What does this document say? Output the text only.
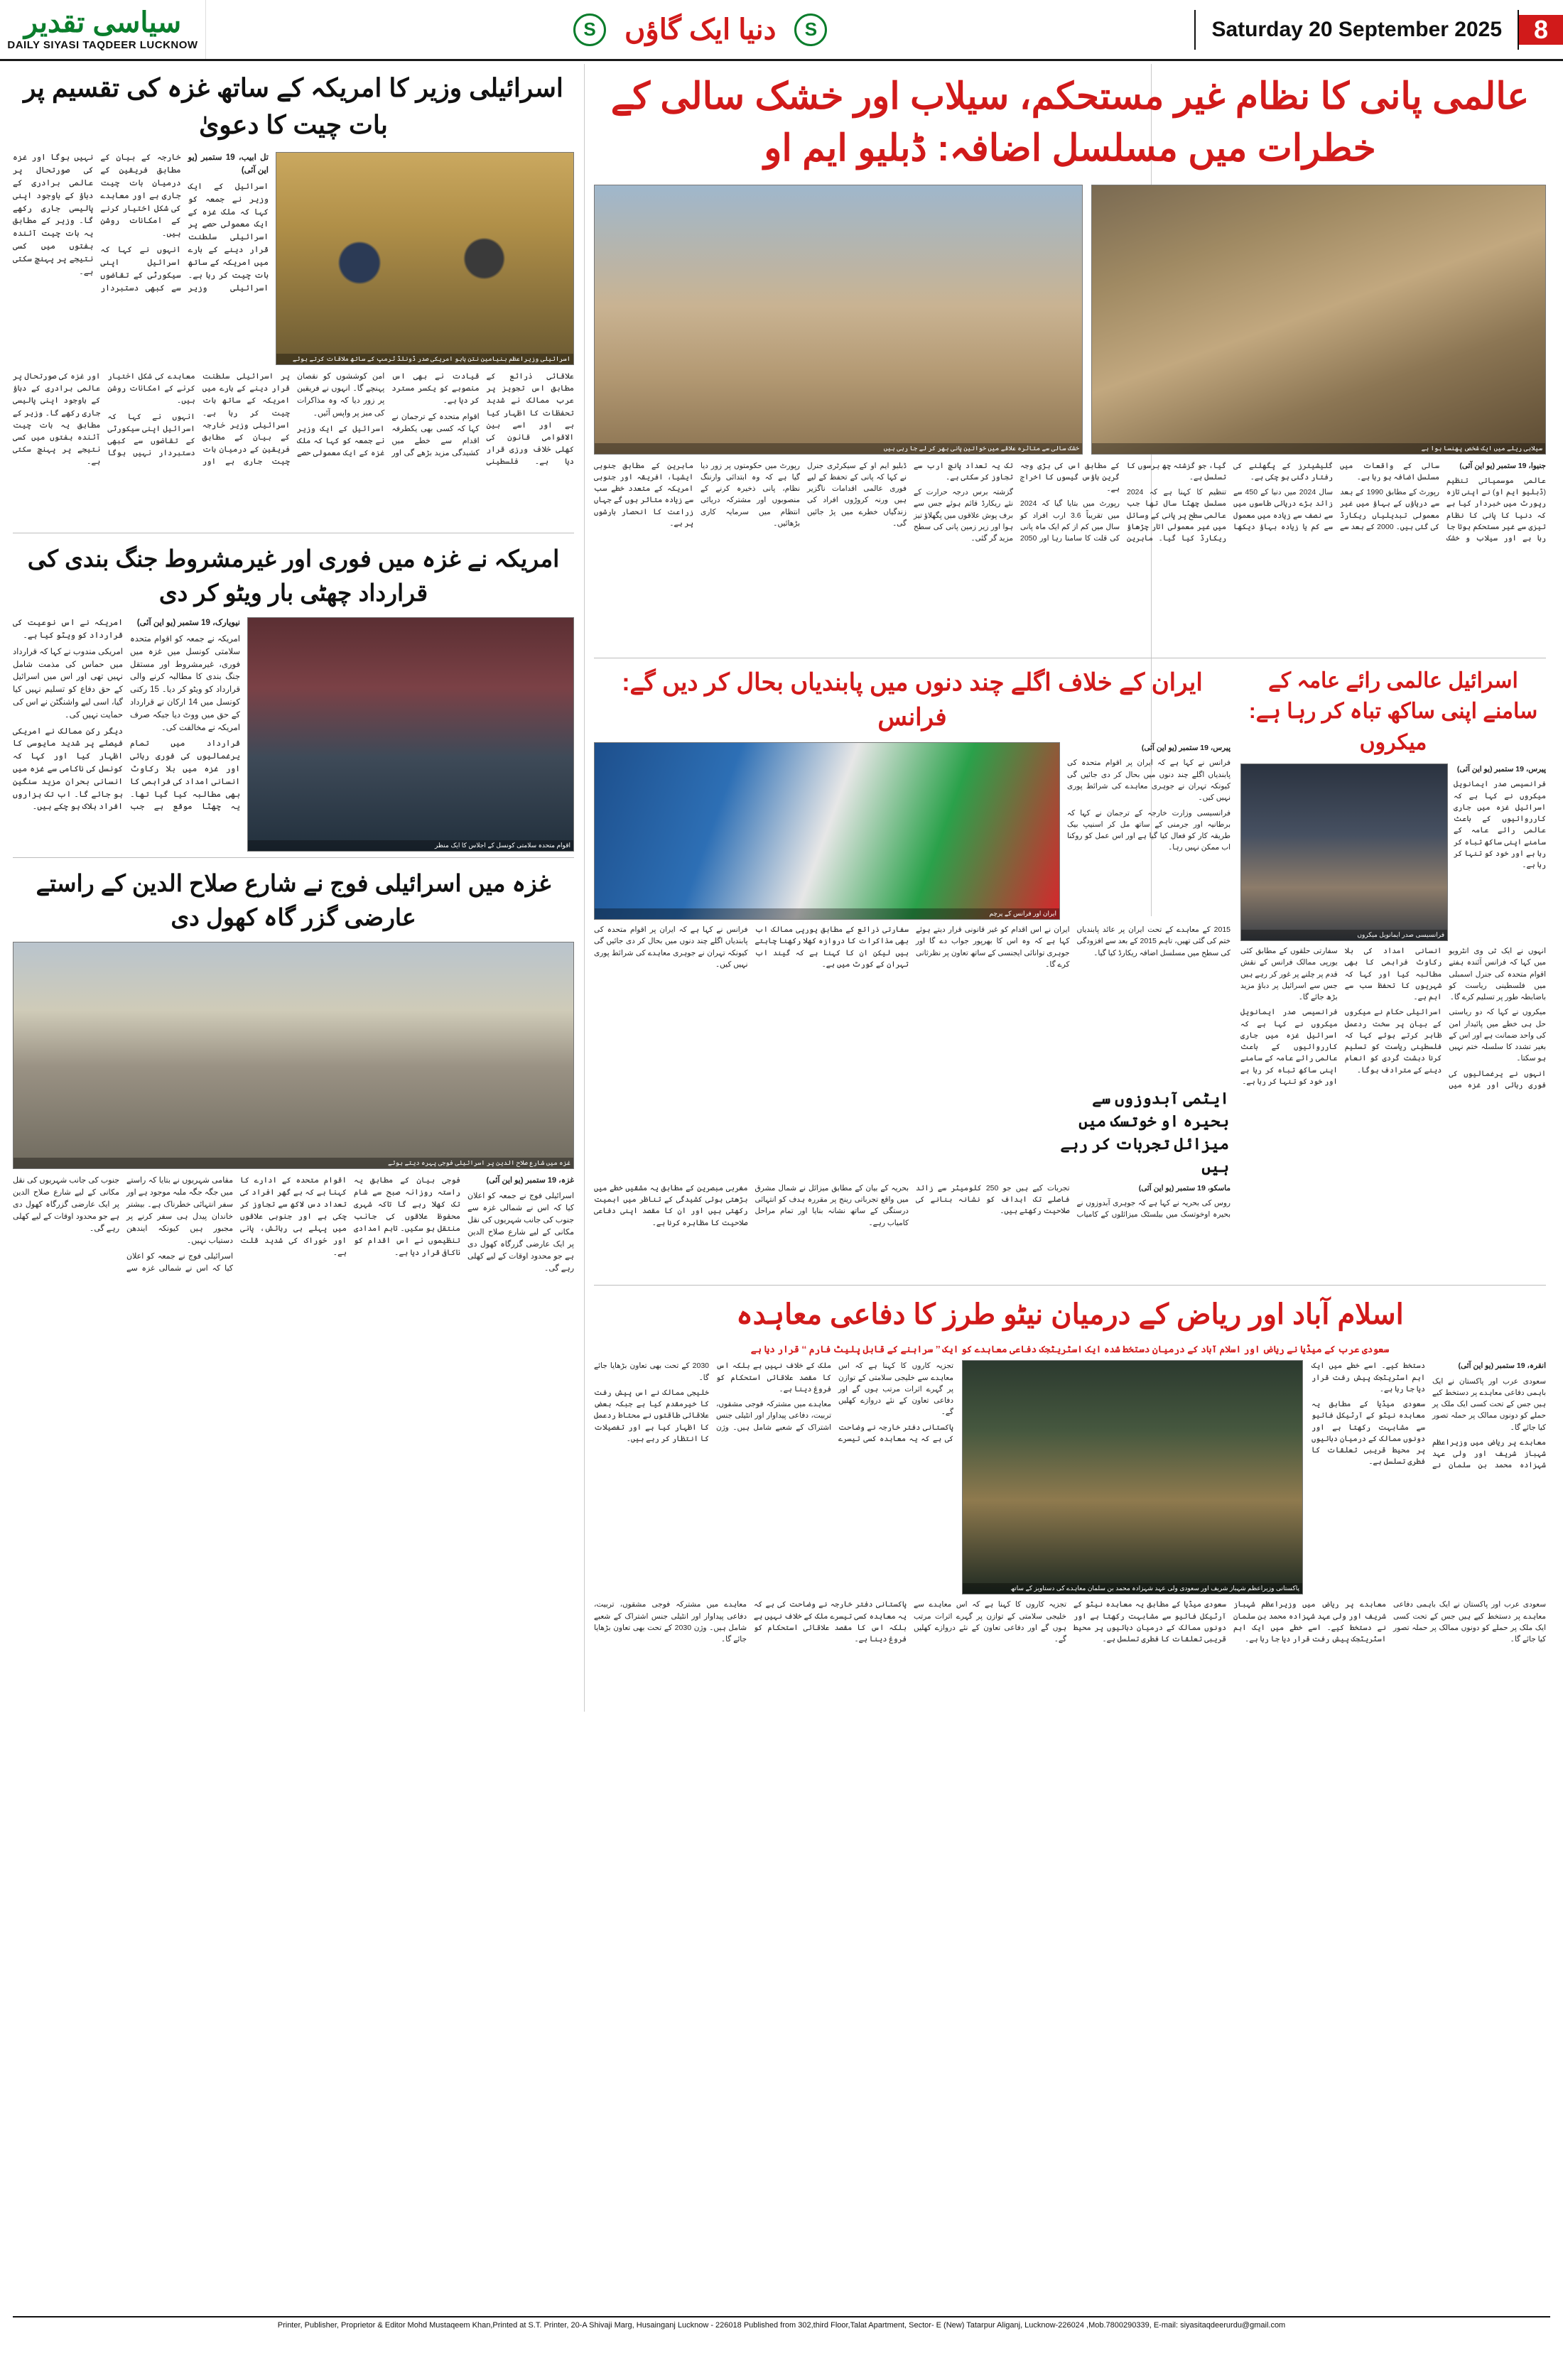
سیاسی تقدیر
DAILY SIYASI TAQDEER LUCKNOW
S	دنیا ایک گاؤں	S	Saturday 20 September 2025	8
اسرائیلی وزیر کا امریکہ کے ساتھ غزہ کی تقسیم پر بات چیت کا دعویٰ
اسرائیلی وزیراعظم بنیامین نتن یاہو امریکی صدر ڈونلڈ ٹرمپ کے ساتھ ملاقات کرتے ہوئے

تل ابیب، 19 ستمبر (یو این آئی)

اسرائیل کے ایک وزیر نے جمعہ کو کہا کہ ملک غزہ کے ایک معمولی حصے پر اسرائیلی سلطنت قرار دینے کے بارے میں امریکہ کے ساتھ بات چیت کر رہا ہے۔ اسرائیلی وزیر خارجہ کے بیان کے مطابق فریقین کے درمیان بات چیت جاری ہے اور معاہدے کی شکل اختیار کرنے کے امکانات روشن ہیں۔

انہوں نے کہا کہ اسرائیل اپنی سیکورٹی کے تقاضوں سے کبھی دستبردار نہیں ہوگا اور غزہ کی صورتحال پر عالمی برادری کے دباؤ کے باوجود اپنی پالیسی جاری رکھے گا۔ وزیر کے مطابق یہ بات چیت آئندہ ہفتوں میں کسی نتیجے پر پہنچ سکتی ہے۔

علاقائی ذرائع کے مطابق اس تجویز پر عرب ممالک نے شدید تحفظات کا اظہار کیا ہے اور اسے بین الاقوامی قانون کی کھلی خلاف ورزی قرار دیا ہے۔ فلسطینی قیادت نے بھی اس منصوبے کو یکسر مسترد کر دیا ہے۔

اقوام متحدہ کے ترجمان نے کہا کہ کسی بھی یکطرفہ اقدام سے خطے میں کشیدگی مزید بڑھے گی اور امن کوششوں کو نقصان پہنچے گا۔ انہوں نے فریقین پر زور دیا کہ وہ مذاکرات کی میز پر واپس آئیں۔

اسرائیل کے ایک وزیر نے جمعہ کو کہا کہ ملک غزہ کے ایک معمولی حصے پر اسرائیلی سلطنت قرار دینے کے بارے میں امریکہ کے ساتھ بات چیت کر رہا ہے۔ اسرائیلی وزیر خارجہ کے بیان کے مطابق فریقین کے درمیان بات چیت جاری ہے اور معاہدے کی شکل اختیار کرنے کے امکانات روشن ہیں۔

انہوں نے کہا کہ اسرائیل اپنی سیکورٹی کے تقاضوں سے کبھی دستبردار نہیں ہوگا اور غزہ کی صورتحال پر عالمی برادری کے دباؤ کے باوجود اپنی پالیسی جاری رکھے گا۔ وزیر کے مطابق یہ بات چیت آئندہ ہفتوں میں کسی نتیجے پر پہنچ سکتی ہے۔

امریکہ نے غزہ میں فوری اور غیرمشروط جنگ بندی کی قرارداد چھٹی بار ویٹو کر دی
اقوام متحدہ سلامتی کونسل کے اجلاس کا ایک منظر

نیویارک، 19 ستمبر (یو این آئی)

امریکہ نے جمعہ کو اقوام متحدہ سلامتی کونسل میں غزہ میں فوری، غیرمشروط اور مستقل جنگ بندی کا مطالبہ کرنے والی قرارداد کو ویٹو کر دیا۔ 15 رکنی کونسل میں 14 ارکان نے قرارداد کے حق میں ووٹ دیا جبکہ صرف امریکہ نے مخالفت کی۔

قرارداد میں تمام یرغمالیوں کی فوری رہائی اور غزہ میں بلا رکاوٹ انسانی امداد کی فراہمی کا بھی مطالبہ کیا گیا تھا۔ یہ چھٹا موقع ہے جب امریکہ نے اس نوعیت کی قرارداد کو ویٹو کیا ہے۔

امریکی مندوب نے کہا کہ قرارداد میں حماس کی مذمت شامل نہیں تھی اور اس میں اسرائیل کے حق دفاع کو تسلیم نہیں کیا گیا، اسی لیے واشنگٹن نے اس کی حمایت نہیں کی۔

دیگر رکن ممالک نے امریکی فیصلے پر شدید مایوسی کا اظہار کیا اور کہا کہ کونسل کی ناکامی سے غزہ میں انسانی بحران مزید سنگین ہو جائے گا۔ اب تک ہزاروں افراد ہلاک ہو چکے ہیں۔

غزہ میں اسرائیلی فوج نے شارع صلاح الدین کے راستے عارضی گزر گاہ کھول دی
غزہ میں شارع صلاح الدین پر اسرائیلی فوجی پہرہ دیتے ہوئے

غزہ، 19 ستمبر (یو این آئی)

اسرائیلی فوج نے جمعہ کو اعلان کیا کہ اس نے شمالی غزہ سے جنوب کی جانب شہریوں کی نقل مکانی کے لیے شارع صلاح الدین پر ایک عارضی گزرگاہ کھول دی ہے جو محدود اوقات کے لیے کھلی رہے گی۔

فوجی بیان کے مطابق یہ راستہ روزانہ صبح سے شام تک کھلا رہے گا تاکہ شہری محفوظ علاقوں کی جانب منتقل ہو سکیں۔ تاہم امدادی تنظیموں نے اس اقدام کو ناکافی قرار دیا ہے۔

اقوام متحدہ کے ادارے کا کہنا ہے کہ بے گھر افراد کی تعداد دس لاکھ سے تجاوز کر چکی ہے اور جنوبی علاقوں میں پہلے ہی رہائش، پانی اور خوراک کی شدید قلت ہے۔

مقامی شہریوں نے بتایا کہ راستے میں جگہ جگہ ملبہ موجود ہے اور سفر انتہائی خطرناک ہے۔ بیشتر خاندان پیدل ہی سفر کرنے پر مجبور ہیں کیونکہ ایندھن دستیاب نہیں۔

اسرائیلی فوج نے جمعہ کو اعلان کیا کہ اس نے شمالی غزہ سے جنوب کی جانب شہریوں کی نقل مکانی کے لیے شارع صلاح الدین پر ایک عارضی گزرگاہ کھول دی ہے جو محدود اوقات کے لیے کھلی رہے گی۔

عالمی پانی کا نظام غیر مستحکم، سیلاب اور خشک سالی کے خطرات میں مسلسل اضافہ: ڈبلیو ایم او
سیلابی ریلے میں ایک شخص پھنسا ہوا ہے
خشک سالی سے متاثرہ علاقے میں خواتین پانی بھر کر لے جا رہی ہیں

جنیوا، 19 ستمبر (یو این آئی)

عالمی موسمیاتی تنظیم (ڈبلیو ایم او) نے اپنی تازہ رپورٹ میں خبردار کیا ہے کہ دنیا کا پانی کا نظام تیزی سے غیر مستحکم ہوتا جا رہا ہے اور سیلاب و خشک سالی کے واقعات میں مسلسل اضافہ ہو رہا ہے۔

رپورٹ کے مطابق 1990 کے بعد سے دریاؤں کے بہاؤ میں غیر معمولی تبدیلیاں ریکارڈ کی گئی ہیں۔ 2000 کے بعد سے گلیشیئرز کے پگھلنے کی رفتار دگنی ہو چکی ہے۔

سال 2024 میں دنیا کے 450 سے زائد بڑے دریائی طاسوں میں سے نصف سے زیادہ میں معمول سے کم یا زیادہ بہاؤ دیکھا گیا، جو گزشتہ چھ برسوں کا تسلسل ہے۔

تنظیم کا کہنا ہے کہ 2024 مسلسل چھٹا سال تھا جب عالمی سطح پر پانی کے وسائل میں غیر معمولی اتار چڑھاؤ ریکارڈ کیا گیا۔ ماہرین کے مطابق اس کی بڑی وجہ گرین ہاؤس گیسوں کا اخراج ہے۔

رپورٹ میں بتایا گیا کہ 2024 میں تقریباً 3.6 ارب افراد کو سال میں کم از کم ایک ماہ پانی کی قلت کا سامنا رہا اور 2050 تک یہ تعداد پانچ ارب سے تجاوز کر سکتی ہے۔

گزشتہ برس درجہ حرارت کے نئے ریکارڈ قائم ہوئے جس سے برف پوش علاقوں میں پگھلاؤ تیز ہوا اور زیر زمین پانی کی سطح مزید گر گئی۔

ڈبلیو ایم او کے سیکرٹری جنرل نے کہا کہ پانی کے تحفظ کے لیے فوری عالمی اقدامات ناگزیر ہیں ورنہ کروڑوں افراد کی زندگیاں خطرے میں پڑ جائیں گی۔

رپورٹ میں حکومتوں پر زور دیا گیا ہے کہ وہ ابتدائی وارننگ نظام، پانی ذخیرہ کرنے کے منصوبوں اور مشترکہ دریائی انتظام میں سرمایہ کاری بڑھائیں۔

ماہرین کے مطابق جنوبی ایشیا، افریقہ اور جنوبی امریکہ کے متعدد خطے سب سے زیادہ متاثر ہوں گے جہاں زراعت کا انحصار بارشوں پر ہے۔

اسرائیل عالمی رائے عامہ کے سامنے اپنی ساکھ تباہ کر رہا ہے: میکروں

پیرس، 19 ستمبر (یو این آئی)

فرانسیسی صدر ایمانویل میکروں نے کہا ہے کہ اسرائیل غزہ میں جاری کارروائیوں کے باعث عالمی رائے عامہ کے سامنے اپنی ساکھ تباہ کر رہا ہے اور خود کو تنہا کر رہا ہے۔

فرانسیسی صدر ایمانویل میکروں

انہوں نے ایک ٹی وی انٹرویو میں کہا کہ فرانس آئندہ ہفتے اقوام متحدہ کی جنرل اسمبلی میں فلسطینی ریاست کو باضابطہ طور پر تسلیم کرے گا۔

میکروں نے کہا کہ دو ریاستی حل ہی خطے میں پائیدار امن کی واحد ضمانت ہے اور اس کے بغیر تشدد کا سلسلہ ختم نہیں ہو سکتا۔

انہوں نے یرغمالیوں کی فوری رہائی اور غزہ میں انسانی امداد کی بلا رکاوٹ فراہمی کا بھی مطالبہ کیا اور کہا کہ شہریوں کا تحفظ سب سے اہم ہے۔

اسرائیلی حکام نے میکروں کے بیان پر سخت ردعمل ظاہر کرتے ہوئے کہا کہ فلسطینی ریاست کو تسلیم کرنا دہشت گردی کو انعام دینے کے مترادف ہوگا۔

سفارتی حلقوں کے مطابق کئی یورپی ممالک فرانس کے نقش قدم پر چلنے پر غور کر رہے ہیں جس سے اسرائیل پر دباؤ مزید بڑھ جائے گا۔

فرانسیسی صدر ایمانویل میکروں نے کہا ہے کہ اسرائیل غزہ میں جاری کارروائیوں کے باعث عالمی رائے عامہ کے سامنے اپنی ساکھ تباہ کر رہا ہے اور خود کو تنہا کر رہا ہے۔

ایران کے خلاف اگلے چند دنوں میں پابندیاں بحال کر دیں گے: فرانس

پیرس، 19 ستمبر (یو این آئی)

فرانس نے کہا ہے کہ ایران پر اقوام متحدہ کی پابندیاں اگلے چند دنوں میں بحال کر دی جائیں گی کیونکہ تہران نے جوہری معاہدے کی شرائط پوری نہیں کیں۔

فرانسیسی وزارت خارجہ کے ترجمان نے کہا کہ برطانیہ اور جرمنی کے ساتھ مل کر اسنیپ بیک طریقہ کار کو فعال کیا گیا ہے اور اس عمل کو روکنا اب ممکن نہیں رہا۔

ایران اور فرانس کے پرچم

2015 کے معاہدے کے تحت ایران پر عائد پابندیاں ختم کی گئی تھیں، تاہم 2015 کے بعد سے افزودگی کی سطح میں مسلسل اضافہ ریکارڈ کیا گیا۔

ایران نے اس اقدام کو غیر قانونی قرار دیتے ہوئے کہا ہے کہ وہ اس کا بھرپور جواب دے گا اور جوہری توانائی ایجنسی کے ساتھ تعاون پر نظرثانی کرے گا۔

سفارتی ذرائع کے مطابق یورپی ممالک اب بھی مذاکرات کا دروازہ کھلا رکھنا چاہتے ہیں لیکن ان کا کہنا ہے کہ گیند اب تہران کے کورٹ میں ہے۔

فرانس نے کہا ہے کہ ایران پر اقوام متحدہ کی پابندیاں اگلے چند دنوں میں بحال کر دی جائیں گی کیونکہ تہران نے جوہری معاہدے کی شرائط پوری نہیں کیں۔

ایٹمی آبدوزوں سے بحیرہ او خوتسک میں میزائل تجربات کر رہے ہیں

ماسکو، 19 ستمبر (یو این آئی)

روس کی بحریہ نے کہا ہے کہ جوہری آبدوزوں نے بحیرہ اوخوتسک میں بیلسٹک میزائلوں کے کامیاب تجربات کیے ہیں جو 250 کلومیٹر سے زائد فاصلے تک اہداف کو نشانہ بنانے کی صلاحیت رکھتے ہیں۔

بحریہ کے بیان کے مطابق میزائل نے شمال مشرق میں واقع تجرباتی رینج پر مقررہ ہدف کو انتہائی درستگی کے ساتھ نشانہ بنایا اور تمام مراحل کامیاب رہے۔

مغربی مبصرین کے مطابق یہ مشقیں خطے میں بڑھتی ہوئی کشیدگی کے تناظر میں اہمیت رکھتی ہیں اور ان کا مقصد اپنی دفاعی صلاحیت کا مظاہرہ کرنا ہے۔

اسلام آباد اور ریاض کے درمیان نیٹو طرز کا دفاعی معاہدہ
سعودی عرب کے میڈیا نے ریاض اور اسلام آباد کے درمیان دستخط شدہ ایک اسٹریٹجک دفاعی معاہدے کو ایک ’’ سراہنے کے قابل پلیٹ فارم ‘‘ قرار دیا ہے

انقرہ، 19 ستمبر (یو این آئی)

سعودی عرب اور پاکستان نے ایک باہمی دفاعی معاہدے پر دستخط کیے ہیں جس کے تحت کسی ایک ملک پر حملے کو دونوں ممالک پر حملہ تصور کیا جائے گا۔

معاہدے پر ریاض میں وزیراعظم شہباز شریف اور ولی عہد شہزادہ محمد بن سلمان نے دستخط کیے۔ اسے خطے میں ایک اہم اسٹریٹجک پیش رفت قرار دیا جا رہا ہے۔

سعودی میڈیا کے مطابق یہ معاہدہ نیٹو کے آرٹیکل فائیو سے مشابہت رکھتا ہے اور دونوں ممالک کے درمیان دہائیوں پر محیط قریبی تعلقات کا فطری تسلسل ہے۔

پاکستانی وزیراعظم شہباز شریف اور سعودی ولی عہد شہزادہ محمد بن سلمان معاہدے کی دستاویز کے ساتھ

تجزیہ کاروں کا کہنا ہے کہ اس معاہدے سے خلیجی سلامتی کے توازن پر گہرے اثرات مرتب ہوں گے اور دفاعی تعاون کے نئے دروازے کھلیں گے۔

پاکستانی دفتر خارجہ نے وضاحت کی ہے کہ یہ معاہدہ کسی تیسرے ملک کے خلاف نہیں ہے بلکہ اس کا مقصد علاقائی استحکام کو فروغ دینا ہے۔

معاہدے میں مشترکہ فوجی مشقوں، تربیت، دفاعی پیداوار اور انٹیلی جنس اشتراک کے شعبے شامل ہیں۔ وژن 2030 کے تحت بھی تعاون بڑھایا جائے گا۔

خلیجی ممالک نے اس پیش رفت کا خیرمقدم کیا ہے جبکہ بعض علاقائی طاقتوں نے محتاط ردعمل کا اظہار کیا ہے اور تفصیلات کا انتظار کر رہے ہیں۔

سعودی عرب اور پاکستان نے ایک باہمی دفاعی معاہدے پر دستخط کیے ہیں جس کے تحت کسی ایک ملک پر حملے کو دونوں ممالک پر حملہ تصور کیا جائے گا۔

معاہدے پر ریاض میں وزیراعظم شہباز شریف اور ولی عہد شہزادہ محمد بن سلمان نے دستخط کیے۔ اسے خطے میں ایک اہم اسٹریٹجک پیش رفت قرار دیا جا رہا ہے۔

سعودی میڈیا کے مطابق یہ معاہدہ نیٹو کے آرٹیکل فائیو سے مشابہت رکھتا ہے اور دونوں ممالک کے درمیان دہائیوں پر محیط قریبی تعلقات کا فطری تسلسل ہے۔

تجزیہ کاروں کا کہنا ہے کہ اس معاہدے سے خلیجی سلامتی کے توازن پر گہرے اثرات مرتب ہوں گے اور دفاعی تعاون کے نئے دروازے کھلیں گے۔

پاکستانی دفتر خارجہ نے وضاحت کی ہے کہ یہ معاہدہ کسی تیسرے ملک کے خلاف نہیں ہے بلکہ اس کا مقصد علاقائی استحکام کو فروغ دینا ہے۔

معاہدے میں مشترکہ فوجی مشقوں، تربیت، دفاعی پیداوار اور انٹیلی جنس اشتراک کے شعبے شامل ہیں۔ وژن 2030 کے تحت بھی تعاون بڑھایا جائے گا۔

Printer, Publisher, Proprietor & Editor Mohd Mustaqeem Khan,Printed at S.T. Printer, 20-A Shivaji Marg, Husainganj Lucknow - 226018 Published from 302,third Floor,Talat Apartment, Sector- E (New) Tatarpur Aliganj, Lucknow-226024 ,Mob.7800290339, E-mail: siyasitaqdeerurdu@gmail.com
